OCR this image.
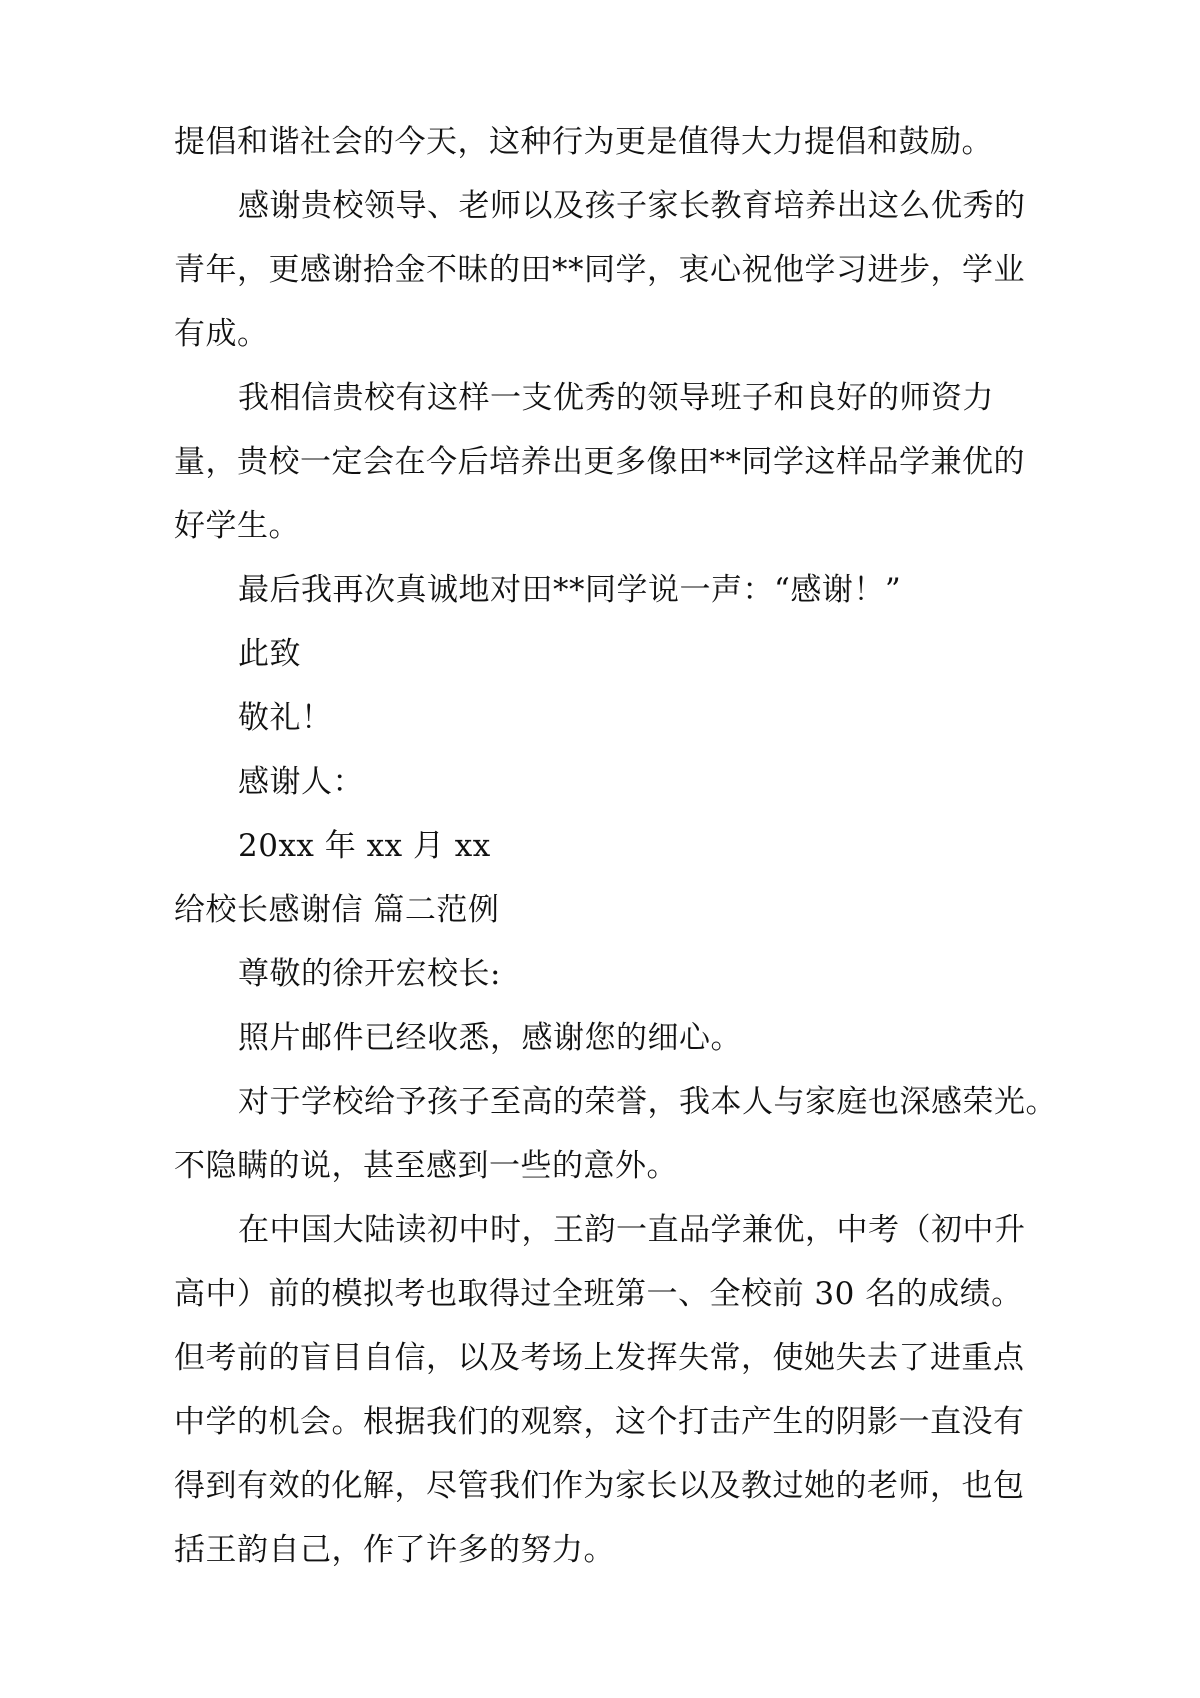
提倡和谐社会的今天，这种行为更是值得大力提倡和鼓励。
感谢贵校领导、老师以及孩子家长教育培养出这么优秀的
青年，更感谢拾金不昧的田**同学，衷心祝他学习进步，学业
有成。
我相信贵校有这样一支优秀的领导班子和良好的师资力
量，贵校一定会在今后培养出更多像田**同学这样品学兼优的
好学生。
最后我再次真诚地对田**同学说一声：“感谢！”
此致
敬礼！
感谢人：
20xx 年 xx 月 xx
给校长感谢信 篇二范例
尊敬的徐开宏校长:
照片邮件已经收悉，感谢您的细心。
对于学校给予孩子至高的荣誉，我本人与家庭也深感荣光。
不隐瞒的说，甚至感到一些的意外。
在中国大陆读初中时，王韵一直品学兼优，中考（初中升
高中）前的模拟考也取得过全班第一、全校前 30 名的成绩。
但考前的盲目自信，以及考场上发挥失常，使她失去了进重点
中学的机会。根据我们的观察，这个打击产生的阴影一直没有
得到有效的化解，尽管我们作为家长以及教过她的老师，也包
括王韵自己，作了许多的努力。
